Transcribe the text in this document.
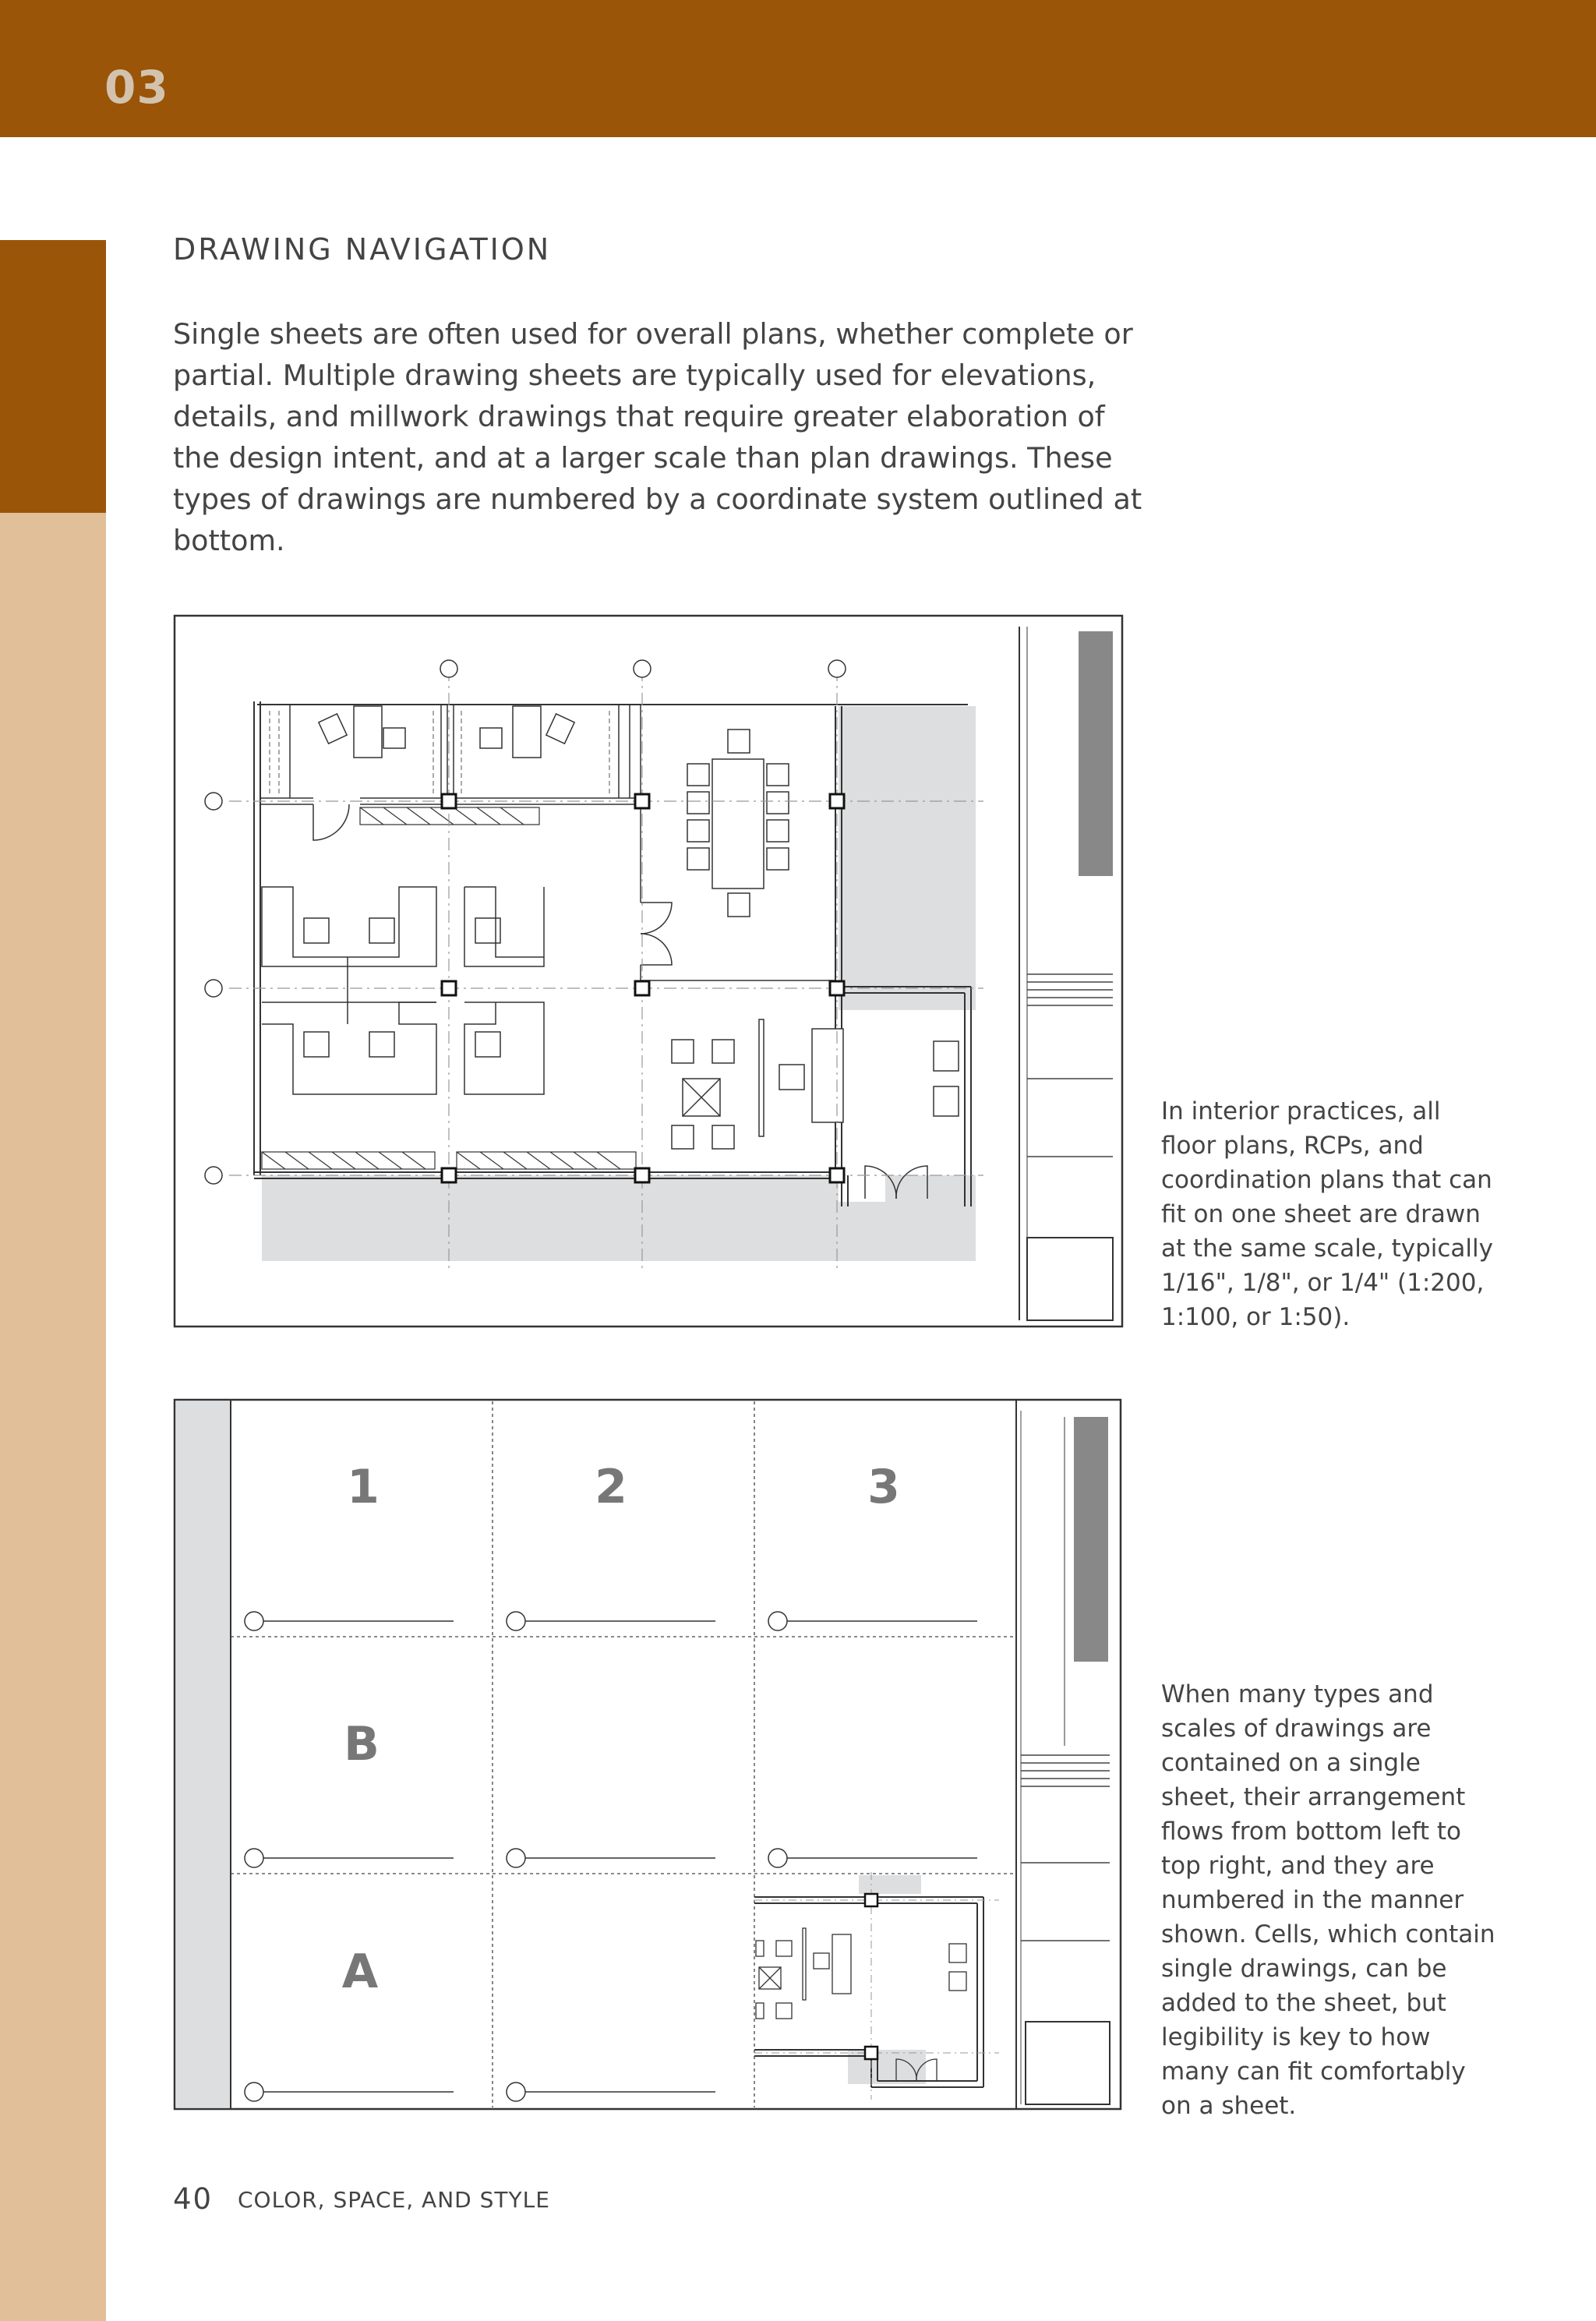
03
DRAWING NAVIGATION

Single sheets are often used for overall plans, whether complete or partial. Multiple drawing sheets are typically used for elevations, details, and millwork drawings that require greater elaboration of the design intent, and at a larger scale than plan drawings. These types of drawings are numbered by a coordinate system outlined at bottom.

In interior practices, all floor plans, RCPs, and coordination plans that can fit on one sheet are drawn at the same scale, typically 1/16", 1/8", or 1/4" (1:200, 1:100, or 1:50).

1	2	3
B
A

When many types and scales of drawings are contained on a single sheet, their arrangement flows from bottom left to top right, and they are numbered in the manner shown. Cells, which contain single drawings, can be added to the sheet, but legibility is key to how many can fit comfortably on a sheet.

40 COLOR, SPACE, AND STYLE
